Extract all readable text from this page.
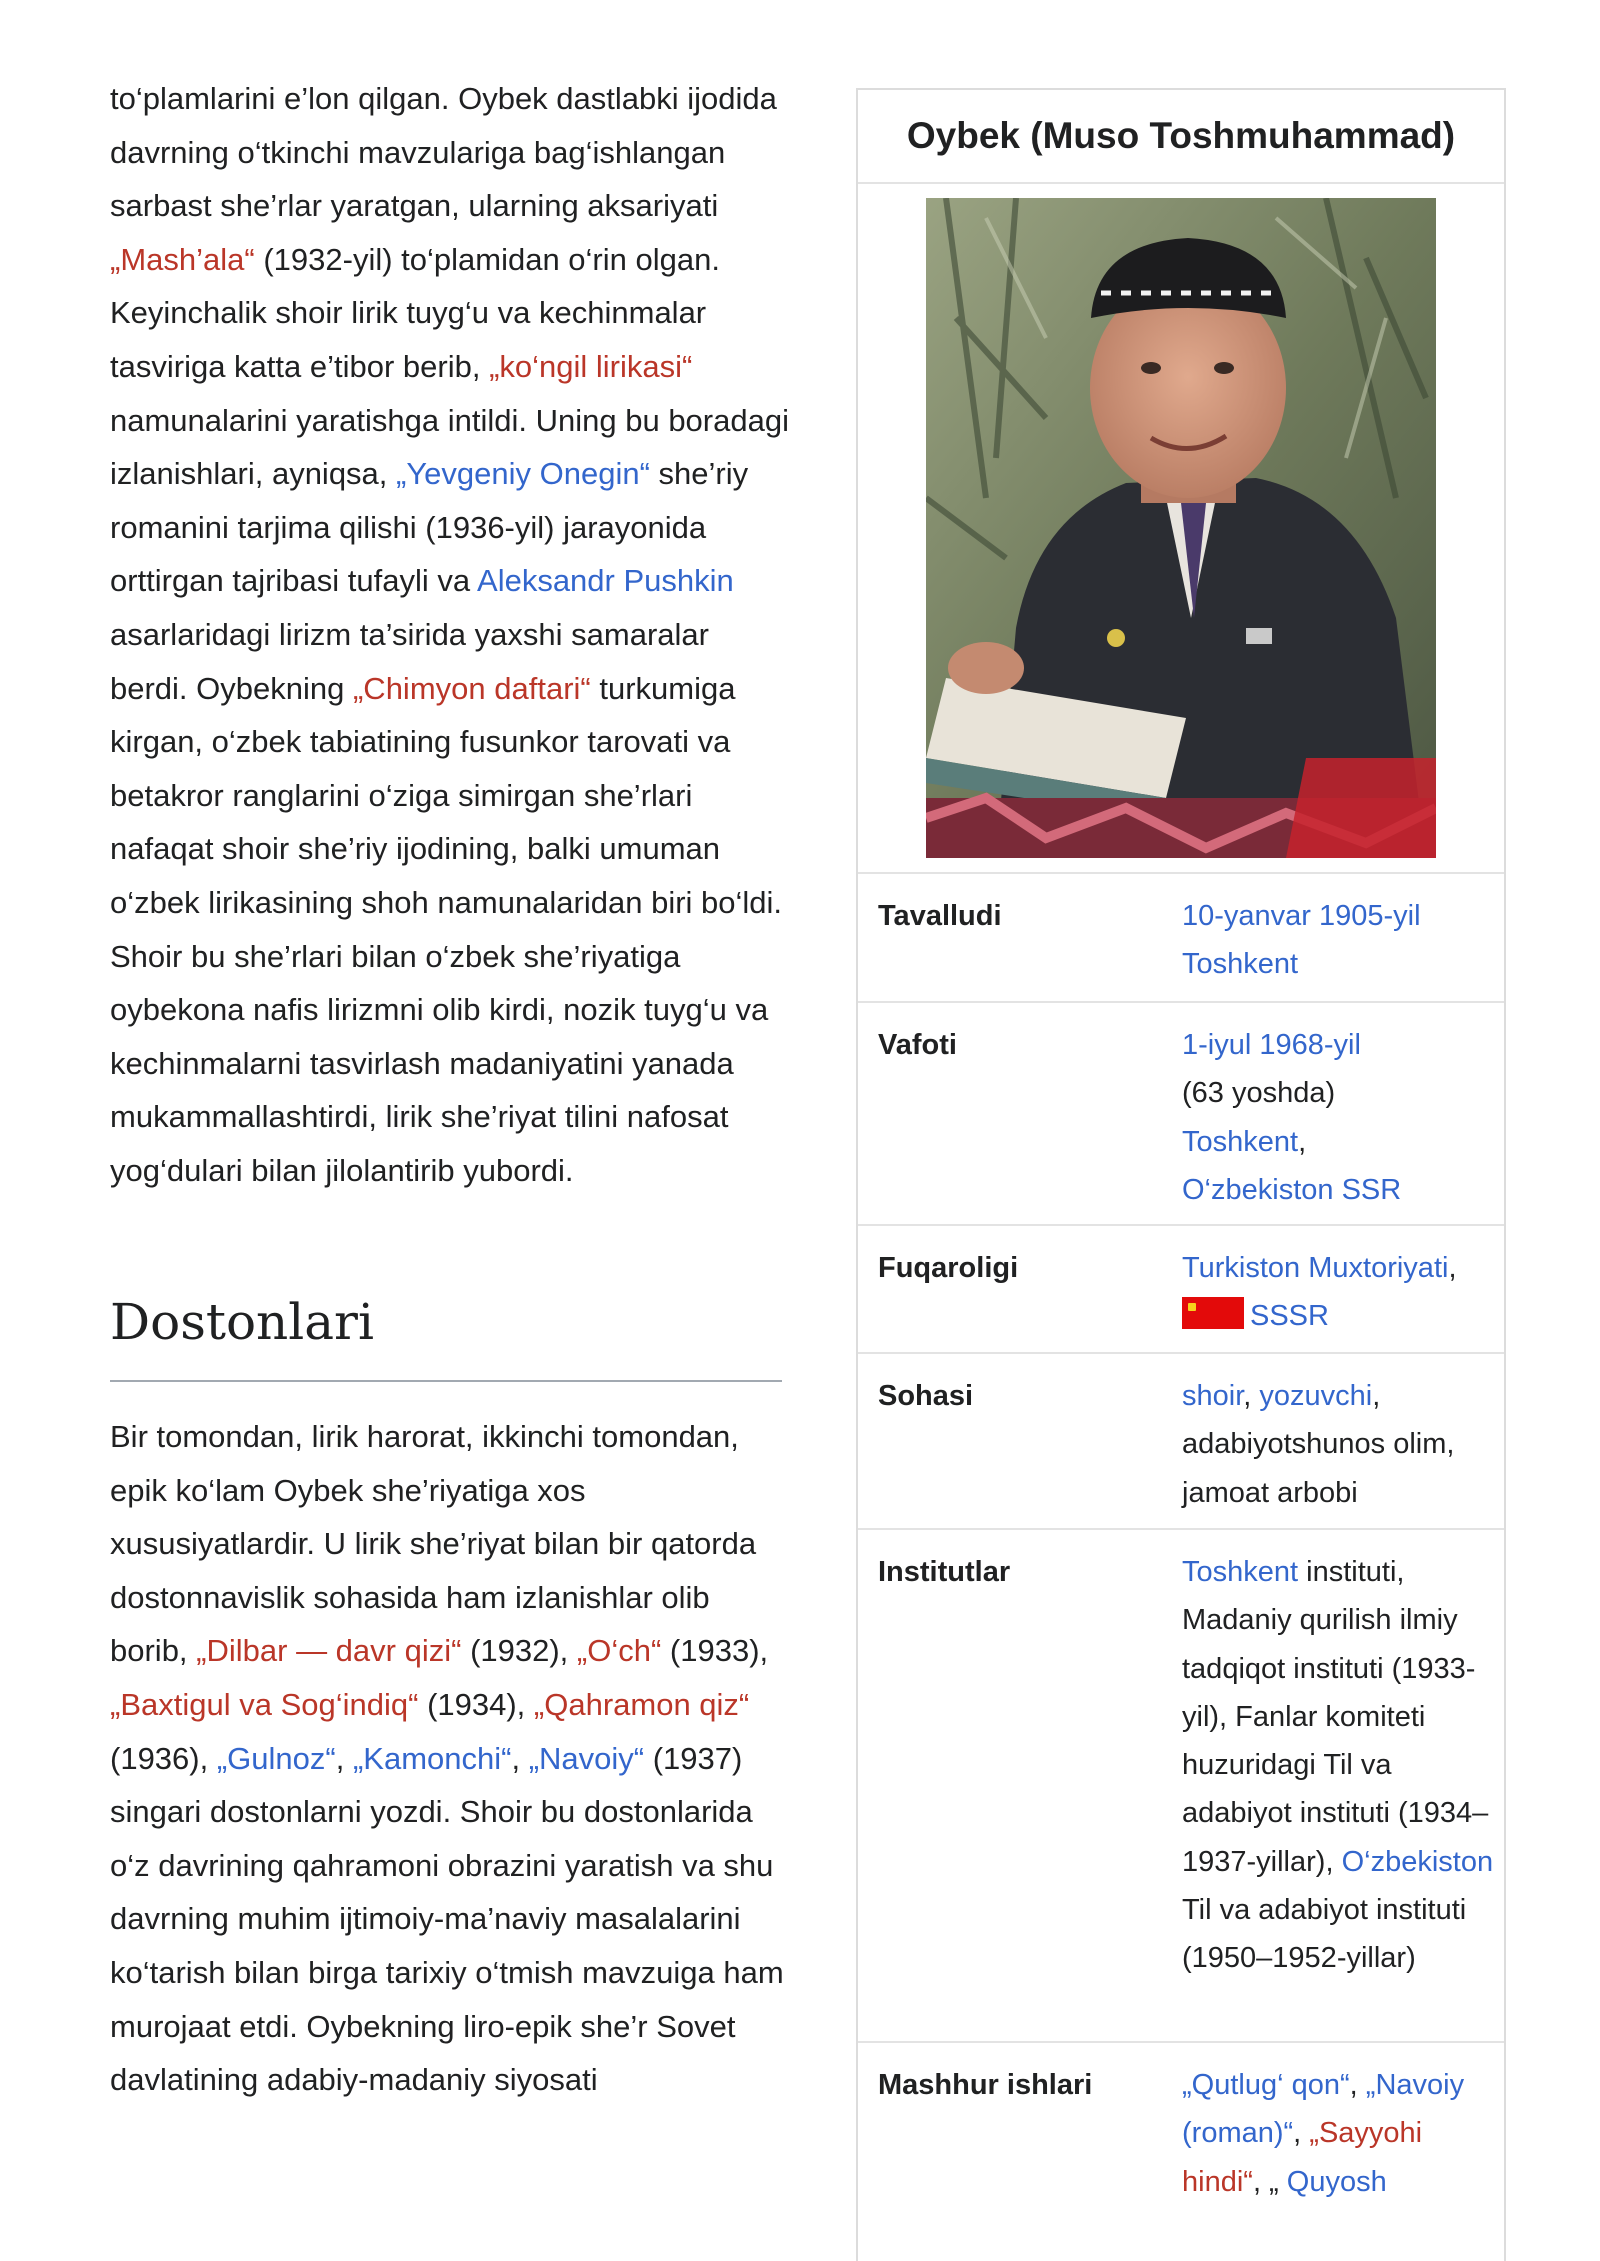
to‘plamlarini e’lon qilgan. Oybek dastlabki ijodida davrning o‘tkinchi mavzulariga bag‘ishlangan sarbast she’rlar yaratgan, ularning aksariyati „Mash’ala“ (1932-yil) to‘plamidan o‘rin olgan. Keyinchalik shoir lirik tuyg‘u va kechinmalar tasviriga katta e’tibor berib, „ko‘ngil lirikasi“ namunalarini yaratishga intildi. Uning bu boradagi izlanishlari, ayniqsa, „Yevgeniy Onegin“ she’riy romanini tarjima qilishi (1936-yil) jarayonida orttirgan tajribasi tufayli va Aleksandr Pushkin asarlaridagi lirizm ta’sirida yaxshi samaralar berdi. Oybekning „Chimyon daftari“ turkumiga kirgan, o‘zbek tabiatining fusunkor tarovati va betakror ranglarini o‘ziga simirgan she’rlari nafaqat shoir she’riy ijodining, balki umuman o‘zbek lirikasining shoh namunalaridan biri bo‘ldi. Shoir bu she’rlari bilan o‘zbek she’riyatiga oybekona nafis lirizmni olib kirdi, nozik tuyg‘u va kechinmalarni tasvirlash madaniyatini yanada mukammallashtirdi, lirik she’riyat tilini nafosat yog‘dulari bilan jilolantirib yubordi.

Dostonlari

Bir tomondan, lirik harorat, ikkinchi tomondan, epik ko‘lam Oybek she’riyatiga xos xususiyatlardir. U lirik she’riyat bilan bir qatorda dostonnavislik sohasida ham izlanishlar olib borib, „Dilbar — davr qizi“ (1932), „O‘ch“ (1933), „Baxtigul va Sog‘indiq“ (1934), „Qahramon qiz“ (1936), „Gulnoz“, „Kamonchi“, „Navoiy“ (1937) singari dostonlarni yozdi. Shoir bu dostonlarida o‘z davrining qahramoni obrazini yaratish va shu davrning muhim ijtimoiy-ma’naviy masalalarini ko‘tarish bilan birga tarixiy o‘tmish mavzuiga ham murojaat etdi. Oybekning liro-epik she’r Sovet davlatining adabiy-madaniy siyosati

Oybek (Muso Toshmuhammad)
Tavalludi	10-yanvar 1905-yil
Toshkent
Vafoti	1-iyul 1968-yil
(63 yoshda)
Toshkent,
O‘zbekiston SSR
Fuqaroligi	Turkiston Muxtoriyati,
SSSR
Sohasi	shoir, yozuvchi, adabiyotshunos olim, jamoat arbobi
Institutlar	Toshkent instituti, Madaniy qurilish ilmiy tadqiqot instituti (1933-yil), Fanlar komiteti huzuridagi Til va adabiyot instituti (1934–1937-yillar), O‘zbekiston Til va adabiyot instituti (1950–1952-yillar)
Mashhur ishlari	„Qutlug‘ qon“, „Navoiy (roman)“, „Sayyohi hindi“, „ Quyosh
